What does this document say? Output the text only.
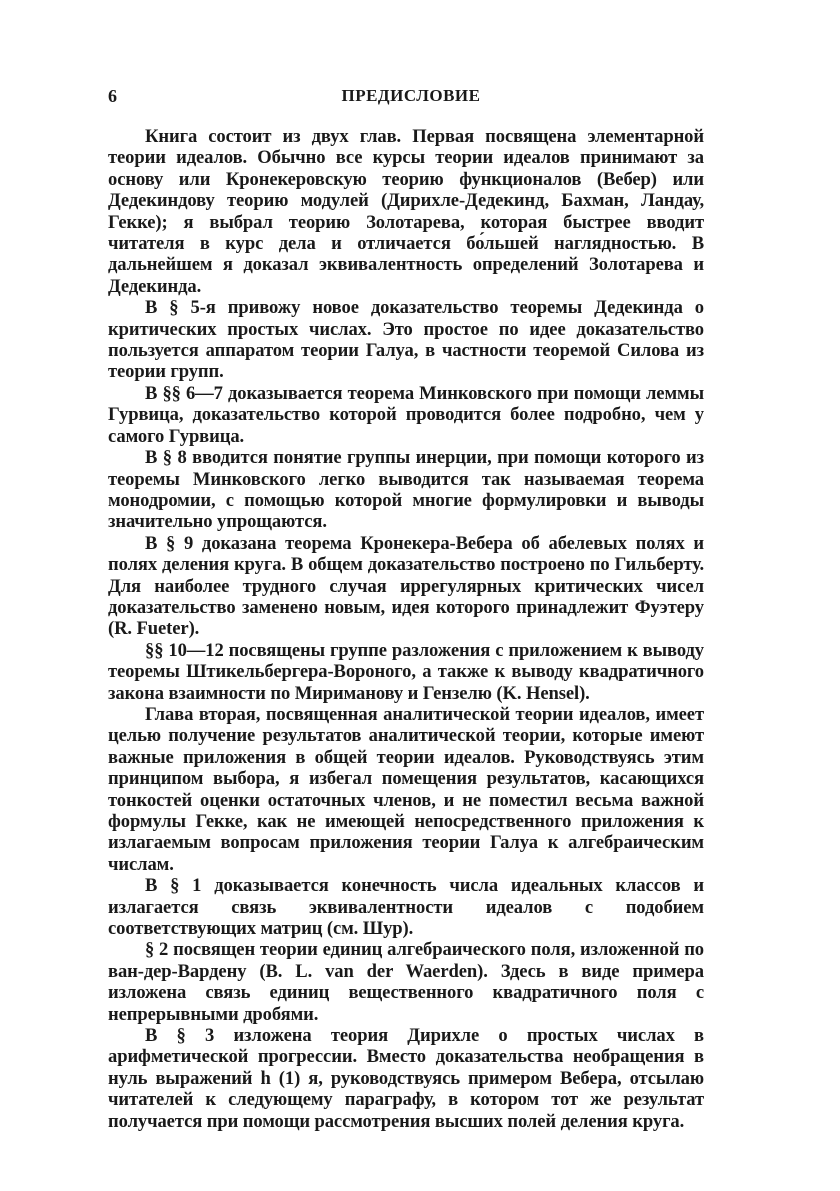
6	ПРЕДИСЛОВИЕ

Книга состоит из двух глав. Первая посвящена элементарной теории идеалов. Обычно все курсы теории идеалов принимают за основу или Кронекеровскую теорию функционалов (Вебер) или Дедекиндову теорию модулей (Дирихле-Дедекинд, Бахман, Ландау, Гекке); я выбрал теорию Золотарева, которая быстрее вводит читателя в курс дела и отличается бо́льшей наглядностью. В дальнейшем я доказал эквивалентность определений Золотарева и Дедекинда.

В § 5-я привожу новое доказательство теоремы Дедекинда о критических простых числах. Это простое по идее доказательство пользуется аппаратом теории Галуа, в частности теоремой Силова из теории групп.

В §§ 6—7 доказывается теорема Минковского при помощи леммы Гурвица, доказательство которой проводится более подробно, чем у самого Гурвица.

В § 8 вводится понятие группы инерции, при помощи которого из теоремы Минковского легко выводится так называемая теорема монодромии, с помощью которой многие формулировки и выводы значительно упрощаются.

В § 9 доказана теорема Кронекера-Вебера об абелевых полях и полях деления круга. В общем доказательство построено по Гильберту. Для наиболее трудного случая иррегулярных критических чисел доказательство заменено новым, идея которого принадлежит Фуэтеру (R. Fueter).

§§ 10—12 посвящены группе разложения с приложением к выводу теоремы Штикельбергера-Вороного, а также к выводу квадратичного закона взаимности по Мириманову и Гензелю (K. Hensel).

Глава вторая, посвященная аналитической теории идеалов, имеет целью получение результатов аналитической теории, которые имеют важные приложения в общей теории идеалов. Руководствуясь этим принципом выбора, я избегал помещения результатов, касающихся тонкостей оценки остаточных членов, и не поместил весьма важной формулы Гекке, как не имеющей непосредственного приложения к излагаемым вопросам приложения теории Галуа к алгебраическим числам.

В § 1 доказывается конечность числа идеальных классов и излагается связь эквивалентности идеалов с подобием соответствующих матриц (см. Шур).

§ 2 посвящен теории единиц алгебраического поля, изложенной по ван-дер-Вардену (B. L. van der Waerden). Здесь в виде примера изложена связь единиц вещественного квадратичного поля с непрерывными дробями.

В § 3 изложена теория Дирихле о простых числах в арифметической прогрессии. Вместо доказательства необращения в нуль выражений h (1) я, руководствуясь примером Вебера, отсылаю читателей к следующему параграфу, в котором тот же результат получается при помощи рассмотрения высших полей деления круга.
